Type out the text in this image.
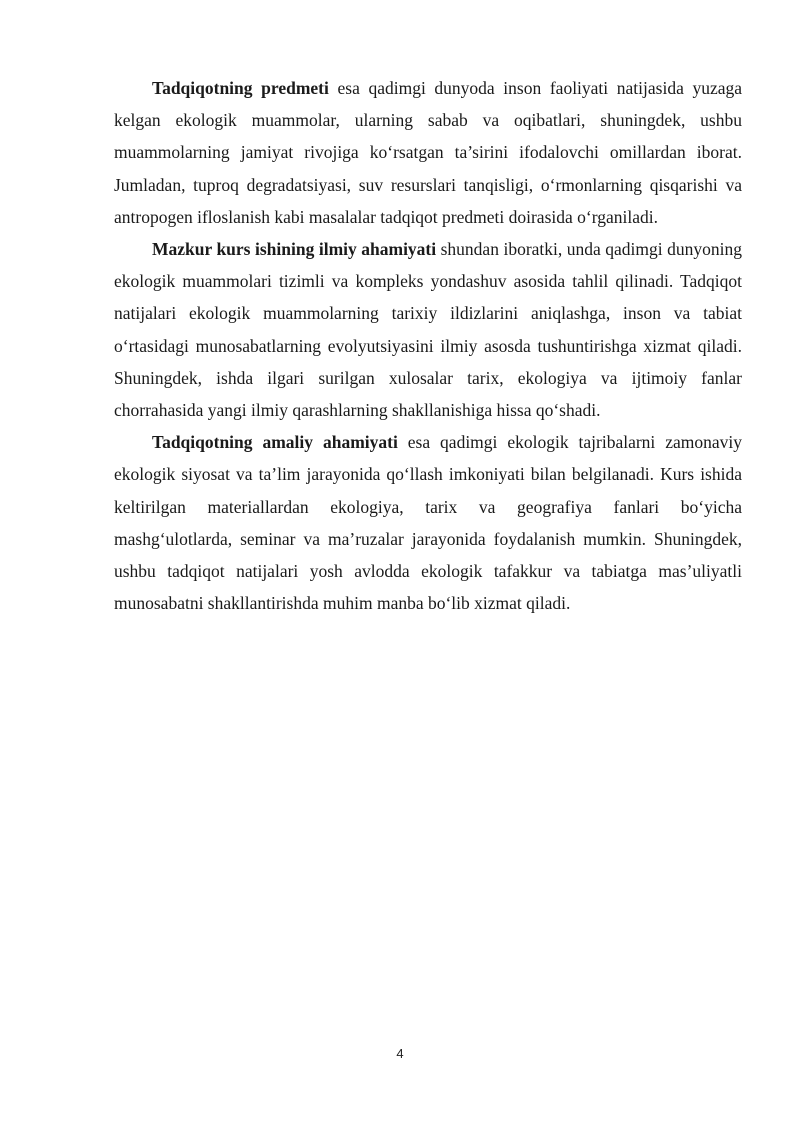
Tadqiqotning predmeti esa qadimgi dunyoda inson faoliyati natijasida yuzaga kelgan ekologik muammolar, ularning sabab va oqibatlari, shuningdek, ushbu muammolarning jamiyat rivojiga ko‘rsatgan ta’sirini ifodalovchi omillardan iborat. Jumladan, tuproq degradatsiyasi, suv resurslari tanqisligi, o‘rmonlarning qisqarishi va antropogen ifloslanish kabi masalalar tadqiqot predmeti doirasida o‘rganiladi.

Mazkur kurs ishining ilmiy ahamiyati shundan iboratki, unda qadimgi dunyoning ekologik muammolari tizimli va kompleks yondashuv asosida tahlil qilinadi. Tadqiqot natijalari ekologik muammolarning tarixiy ildizlarini aniqlashga, inson va tabiat o‘rtasidagi munosabatlarning evolyutsiyasini ilmiy asosda tushuntirishga xizmat qiladi. Shuningdek, ishda ilgari surilgan xulosalar tarix, ekologiya va ijtimoiy fanlar chorrahasida yangi ilmiy qarashlarning shakllanishiga hissa qo‘shadi.

Tadqiqotning amaliy ahamiyati esa qadimgi ekologik tajribalarni zamonaviy ekologik siyosat va ta’lim jarayonida qo‘llash imkoniyati bilan belgilanadi. Kurs ishida keltirilgan materiallardan ekologiya, tarix va geografiya fanlari bo‘yicha mashg‘ulotlarda, seminar va ma’ruzalar jarayonida foydalanish mumkin. Shuningdek, ushbu tadqiqot natijalari yosh avlodda ekologik tafakkur va tabiatga mas’uliyatli munosabatni shakllantirishda muhim manba bo‘lib xizmat qiladi.

4
